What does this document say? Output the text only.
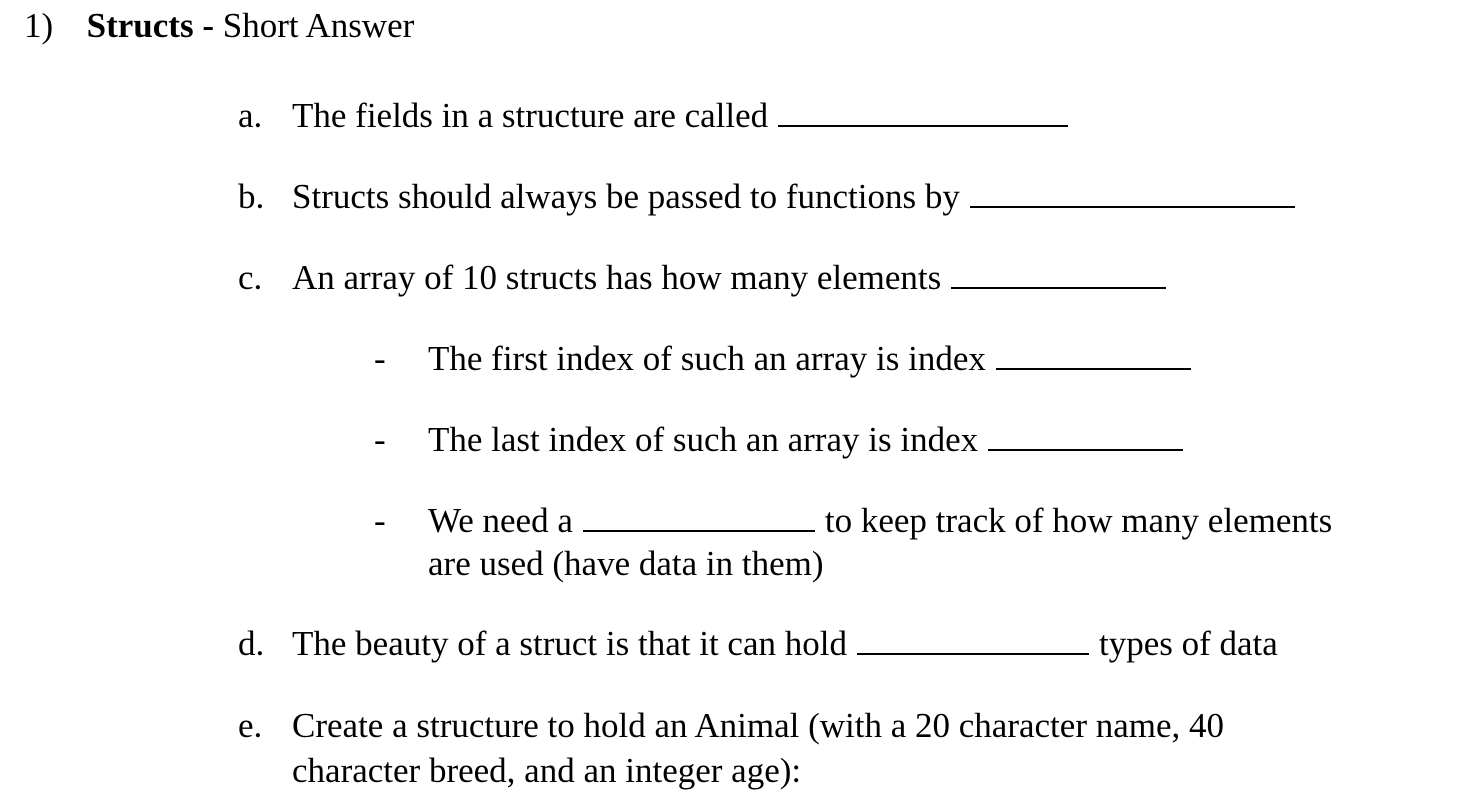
1) Structs - Short Answer
a. The fields in a structure are called
b. Structs should always be passed to functions by
c. An array of 10 structs has how many elements
- The first index of such an array is index
- The last index of such an array is index
- We need a	to keep track of how many elements
are used (have data in them)
d. The beauty of a struct is that it can hold	types of data
e. Create a structure to hold an Animal (with a 20 character name, 40
character breed, and an integer age):
